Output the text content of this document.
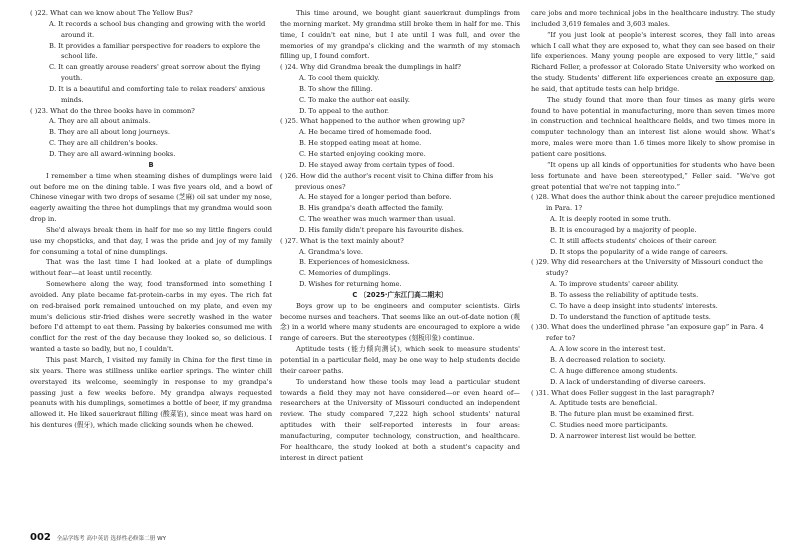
( )22. What can we know about The Yellow Bus?

A. It records a school bus changing and growing with the world around it.

B. It provides a familiar perspective for readers to explore the school life.

C. It can greatly arouse readers' great sorrow about the flying youth.

D. It is a beautiful and comforting tale to relax readers' anxious minds.

( )23. What do the three books have in common?

A. They are all about animals.

B. They are all about long journeys.

C. They are all children's books.

D. They are all award-winning books.

B

I remember a time when steaming dishes of dumplings were laid out before me on the dining table. I was five years old, and a bowl of Chinese vinegar with two drops of sesame (芝麻) oil sat under my nose, eagerly awaiting the three hot dumplings that my grandma would soon drop in.

She'd always break them in half for me so my little fingers could use my chopsticks, and that day, I was the pride and joy of my family for consuming a total of nine dumplings.

That was the last time I had looked at a plate of dumplings without fear—at least until recently.

Somewhere along the way, food transformed into something I avoided. Any plate became fat-protein-carbs in my eyes. The rich fat on red-braised pork remained untouched on my plate, and even my mum's delicious stir-fried dishes were secretly washed in the water before I'd attempt to eat them. Passing by bakeries consumed me with conflict for the rest of the day because they looked so, so delicious. I wanted a taste so badly, but no, I couldn't.

This past March, I visited my family in China for the first time in six years. There was stillness unlike earlier springs. The winter chill overstayed its welcome, seemingly in response to my grandpa's passing just a few weeks before. My grandpa always requested peanuts with his dumplings, sometimes a bottle of beer, if my grandma allowed it. He liked sauerkraut filling (酸菜馅), since meat was hard on his dentures (假牙), which made clicking sounds when he chewed.

This time around, we bought giant sauerkraut dumplings from the morning market. My grandma still broke them in half for me. This time, I couldn't eat nine, but I ate until I was full, and over the memories of my grandpa's clicking and the warmth of my stomach filling up, I found comfort.

( )24. Why did Grandma break the dumplings in half?

A. To cool them quickly.

B. To show the filling.

C. To make the author eat easily.

D. To appeal to the author.

( )25. What happened to the author when growing up?

A. He became tired of homemade food.

B. He stopped eating meat at home.

C. He started enjoying cooking more.

D. He stayed away from certain types of food.

( )26. How did the author's recent visit to China differ from his previous ones?

A. He stayed for a longer period than before.

B. His grandpa's death affected the family.

C. The weather was much warmer than usual.

D. His family didn't prepare his favourite dishes.

( )27. What is the text mainly about?

A. Grandma's love.

B. Experiences of homesickness.

C. Memories of dumplings.

D. Wishes for returning home.

C 〔2025·广东江门高二期末〕

Boys grow up to be engineers and computer scientists. Girls become nurses and teachers. That seems like an out-of-date notion (观念) in a world where many students are encouraged to explore a wide range of careers. But the stereotypes (刻板印象) continue.

Aptitude tests (能力倾向测试), which seek to measure students' potential in a particular field, may be one way to help students decide their career paths.

To understand how these tools may lead a particular student towards a field they may not have considered—or even heard of—researchers at the University of Missouri conducted an independent review. The study compared 7,222 high school students' natural aptitudes with their self-reported interests in four areas: manufacturing, computer technology, construction, and healthcare. For healthcare, the study looked at both a student's capacity and interest in direct patient

care jobs and more technical jobs in the healthcare industry. The study included 3,619 females and 3,603 males.

“If you just look at people's interest scores, they fall into areas which I call what they are exposed to, what they can see based on their life experiences. Many young people are exposed to very little,” said Richard Feller, a professor at Colorado State University who worked on the study. Students' different life experiences create an exposure gap, he said, that aptitude tests can help bridge.

The study found that more than four times as many girls were found to have potential in manufacturing, more than seven times more in construction and technical healthcare fields, and two times more in computer technology than an interest list alone would show. What's more, males were more than 1.6 times more likely to show promise in patient care positions.

“It opens up all kinds of opportunities for students who have been less fortunate and have been stereotyped,” Feller said. “We've got great potential that we're not tapping into.”

( )28. What does the author think about the career prejudice mentioned in Para. 1?

A. It is deeply rooted in some truth.

B. It is encouraged by a majority of people.

C. It still affects students' choices of their career.

D. It stops the popularity of a wide range of careers.

( )29. Why did researchers at the University of Missouri conduct the study?

A. To improve students' career ability.

B. To assess the reliability of aptitude tests.

C. To have a deep insight into students' interests.

D. To understand the function of aptitude tests.

( )30. What does the underlined phrase “an exposure gap” in Para. 4 refer to?

A. A low score in the interest test.

B. A decreased relation to society.

C. A huge difference among students.

D. A lack of understanding of diverse careers.

( )31. What does Feller suggest in the last paragraph?

A. Aptitude tests are beneficial.

B. The future plan must be examined first.

C. Studies need more participants.

D. A narrower interest list would be better.

002 全品学练考 高中英语 选择性必修第二册 WY
